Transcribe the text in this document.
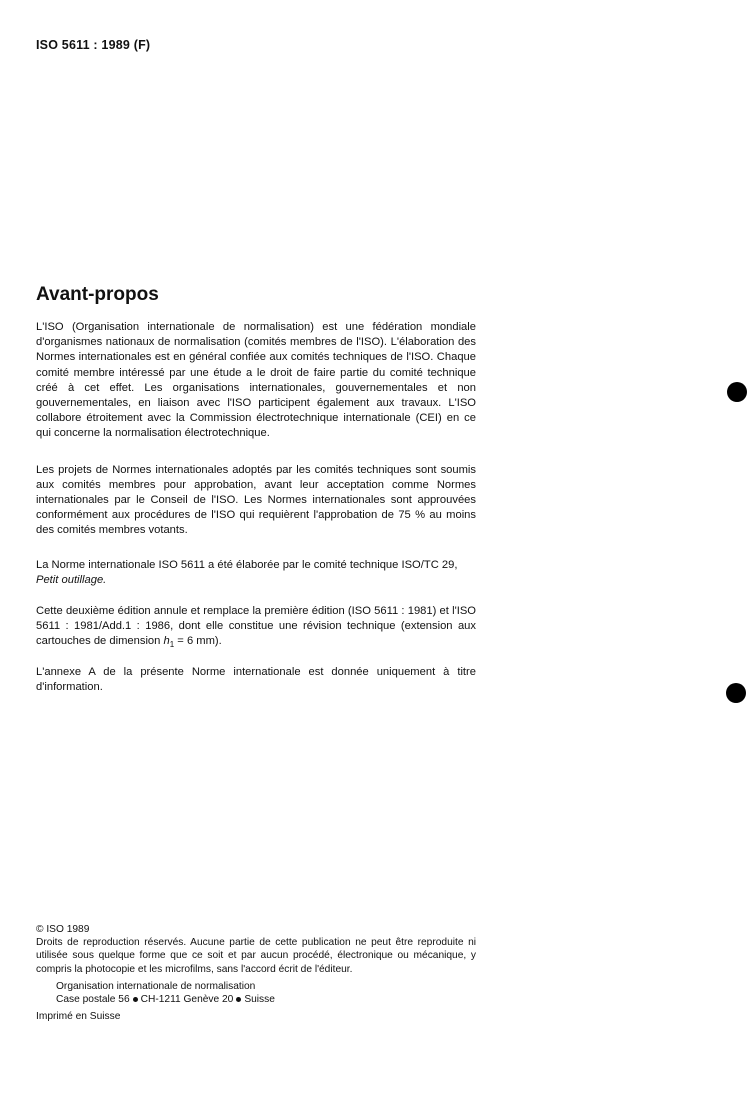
ISO 5611 : 1989 (F)
Avant-propos

L'ISO (Organisation internationale de normalisation) est une fédération mondiale d'organismes nationaux de normalisation (comités membres de l'ISO). L'élaboration des Normes internationales est en général confiée aux comités techniques de l'ISO. Chaque comité membre intéressé par une étude a le droit de faire partie du comité technique créé à cet effet. Les organisations internationales, gouvernementales et non gouvernementales, en liaison avec l'ISO participent également aux travaux. L'ISO collabore étroitement avec la Commission électrotechnique internationale (CEI) en ce qui concerne la normalisation électrotechnique.

Les projets de Normes internationales adoptés par les comités techniques sont soumis aux comités membres pour approbation, avant leur acceptation comme Normes internationales par le Conseil de l'ISO. Les Normes internationales sont approuvées conformément aux procédures de l'ISO qui requièrent l'approbation de 75 % au moins des comités membres votants.

La Norme internationale ISO 5611 a été élaborée par le comité technique ISO/TC 29,
Petit outillage.

Cette deuxième édition annule et remplace la première édition (ISO 5611 : 1981) et l'ISO 5611 : 1981/Add.1 : 1986, dont elle constitue une révision technique (extension aux cartouches de dimension $h_1 = 6$ mm).

L'annexe A de la présente Norme internationale est donnée uniquement à titre d'information.

© ISO 1989
Droits de reproduction réservés. Aucune partie de cette publication ne peut être reproduite ni utilisée sous quelque forme que ce soit et par aucun procédé, électronique ou mécanique, y compris la photocopie et les microfilms, sans l'accord écrit de l'éditeur.
Organisation internationale de normalisation
Case postale 56 CH-1211 Genève 20 Suisse
Imprimé en Suisse
